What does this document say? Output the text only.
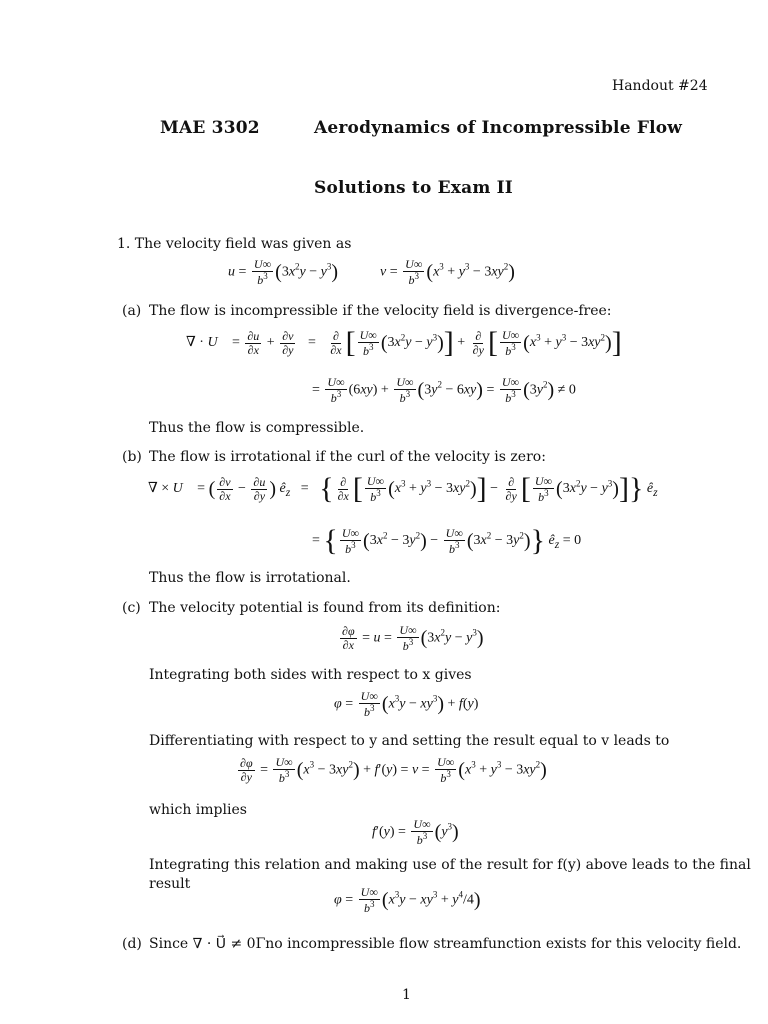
Handout #24
MAE 3302	Aerodynamics of Incompressible Flow
Solutions to Exam II
1. The velocity field was given as
$u = \frac{U\infty}{b^3} (3x^2y - y^3)$	$v = \frac{U\infty}{b^3} (x^3 + y^3 - 3xy^2)$
(a) The flow is incompressible if the velocity field is divergence-free:
∇ · U⃗ = $\frac{\partial u}{\partial x} + \frac{\partial v}{\partial y} = \frac{\partial}{\partial x}$ [ $\frac{U\infty}{b^3} (3x^2y - y^3)] + \frac{\partial}{\partial y}$ [ $\frac{U\infty}{b^3} (x^3 + y^3 - 3xy^2)$]
= $\frac{U\infty}{b^3} (6xy) + \frac{U\infty}{b^3} (3y^2 - 6xy) = \frac{U\infty}{b^3} (3y^2) \ne 0$
Thus the flow is compressible.
(b) The flow is irrotational if the curl of the velocity is zero:
∇ × U⃗ = ( $\frac{\partial v}{\partial x} - \frac{\partial u}{\partial y}$ ) $ê_z$   =   { $\frac{\partial}{\partial x}$ [ $\frac{U\infty}{b^3} (x^3 + y^3 - 3xy^2)] - \frac{\partial}{\partial y}$ [ $\frac{U\infty}{b^3} (3x^2y - y^3)$]} $ê_z$
= { $\frac{U\infty}{b^3} (3x^2 - 3y^2) - \frac{U\infty}{b^3} (3x^2 - 3y^2)$} $ê_z = 0$
Thus the flow is irrotational.
(c) The velocity potential is found from its definition:
$\frac{\partial\varphi}{\partial x} = u = \frac{U\infty}{b^3} (3x^2y - y^3)$
Integrating both sides with respect to x gives
$\varphi = \frac{U\infty}{b^3} (x^3y - xy^3) + f(y)$
Differentiating with respect to y and setting the result equal to v leads to
$\frac{\partial\varphi}{\partial y} = \frac{U\infty}{b^3} (x^3 - 3xy^2) + f'(y) = v = \frac{U\infty}{b^3} (x^3 + y^3 - 3xy^2)$
which implies
$f'(y) = \frac{U\infty}{b^3} (y^3)$
Integrating this relation and making use of the result for f(y) above leads to the final
result
$\varphi = \frac{U\infty}{b^3} (x^3y - xy^3 + y^4/4)$
(d) Since ∇ · U⃗ ≠ 0Γno incompressible flow streamfunction exists for this velocity field.
1
